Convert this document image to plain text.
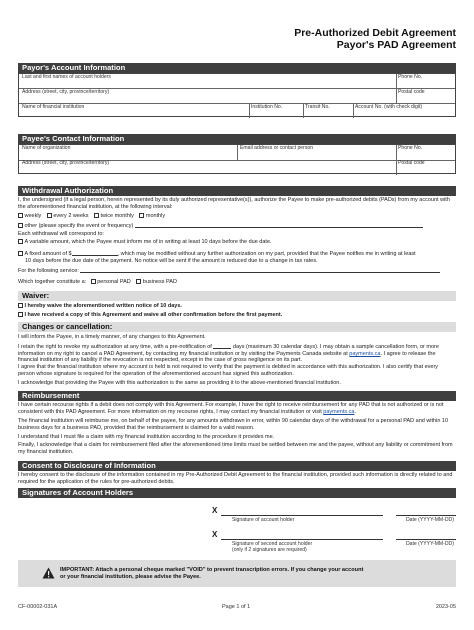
Pre-Authorized Debit Agreement
Payor's PAD Agreement
Payor's Account Information
Last and first names of account holders	Phone No.
Address (street, city, province/territory)	Postal code
Name of financial institution	Institution No.	Transit No.	Account No. (with check digit)
Payee's Contact Information
Name of organization	Email address or contact person	Phone No.
Address (street, city, province/territory)	Postal code
Withdrawal Authorization
I, the undersigned (if a legal person, herein represented by its duly authorized representative(s)), authorize the Payee to make pre-authorized debits (PADs) from my account with the aforementioned financial institution, at the following interval:
weekly every 2 weeks twice monthly monthly
other (please specify the event or frequency)
Each withdrawal will correspond to:
A variable amount, which the Payee must inform me of in writing at least 10 days before the due date.
A fixed amount of $	, which may be modified without any further authorization on my part, provided that the Payee notifies me in writing at least
10 days before the due date of the payment. No notice will be sent if the amount is reduced due to a change in tax rates.
For the following service:
Which together constitute a: personal PAD business PAD
Waiver:
I hereby waive the aforementioned written notice of 10 days.
I have received a copy of this Agreement and waive all other confirmation before the first payment.
Changes or cancellation:
I will inform the Payee, in a timely manner, of any changes to this Agreement.
I retain the right to revoke my authorization at any time, with a pre-notification of	days (maximum 30 calendar days). I may obtain a sample cancellation form, or more information on my right to cancel a PAD Agreement, by contacting my financial institution or by visiting the Payments Canada website at payments.ca. I agree to release the financial institution of any liability if the revocation is not respected, except in the case of gross negligence on its part.
I agree that the financial institution where my account is held is not required to verify that the payment is debited in accordance with this authorization. I also certify that every person whose signature is required for the operation of the aforementioned account has signed this authorization.
I acknowledge that providing the Payee with this authorization is the same as providing it to the above-mentioned financial institution.
Reimbursement
I have certain recourse rights if a debit does not comply with this Agreement. For example, I have the right to receive reimbursement for any PAD that is not authorized or is not consistent with this PAD Agreement. For more information on my recourse rights, I may contact my financial institution or visit payments.ca.
The financial institution will reimburse me, on behalf of the payee, for any amounts withdrawn in error, within 90 calendar days of the withdrawal for a personal PAD and within 10 business days for a business PAD, provided that the reimbursement is claimed for a valid reason.
I understand that I must file a claim with my financial institution according to the procedure it provides me.
Finally, I acknowledge that a claim for reimbursement filed after the aforementioned time limits must be settled between me and the payee, without any liability or commitment from my financial institution.
Consent to Disclosure of Information
I hereby consent to the disclosure of the information contained in my Pre-Authorized Debit Agreement to the financial institution, provided such information is directly related to and required for the application of the rules for pre-authorized debits.
Signatures of Account Holders
X
Signature of account holder	Date (YYYY-MM-DD)
X
Signature of second account holder
(only if 2 signatures are required)
Date (YYYY-MM-DD)
IMPORTANT: Attach a personal cheque marked "VOID" to prevent transcription errors. If you change your account
or your financial institution, please advise the Payee.
CF-00002-031A	Page 1 of 1	2023-05
